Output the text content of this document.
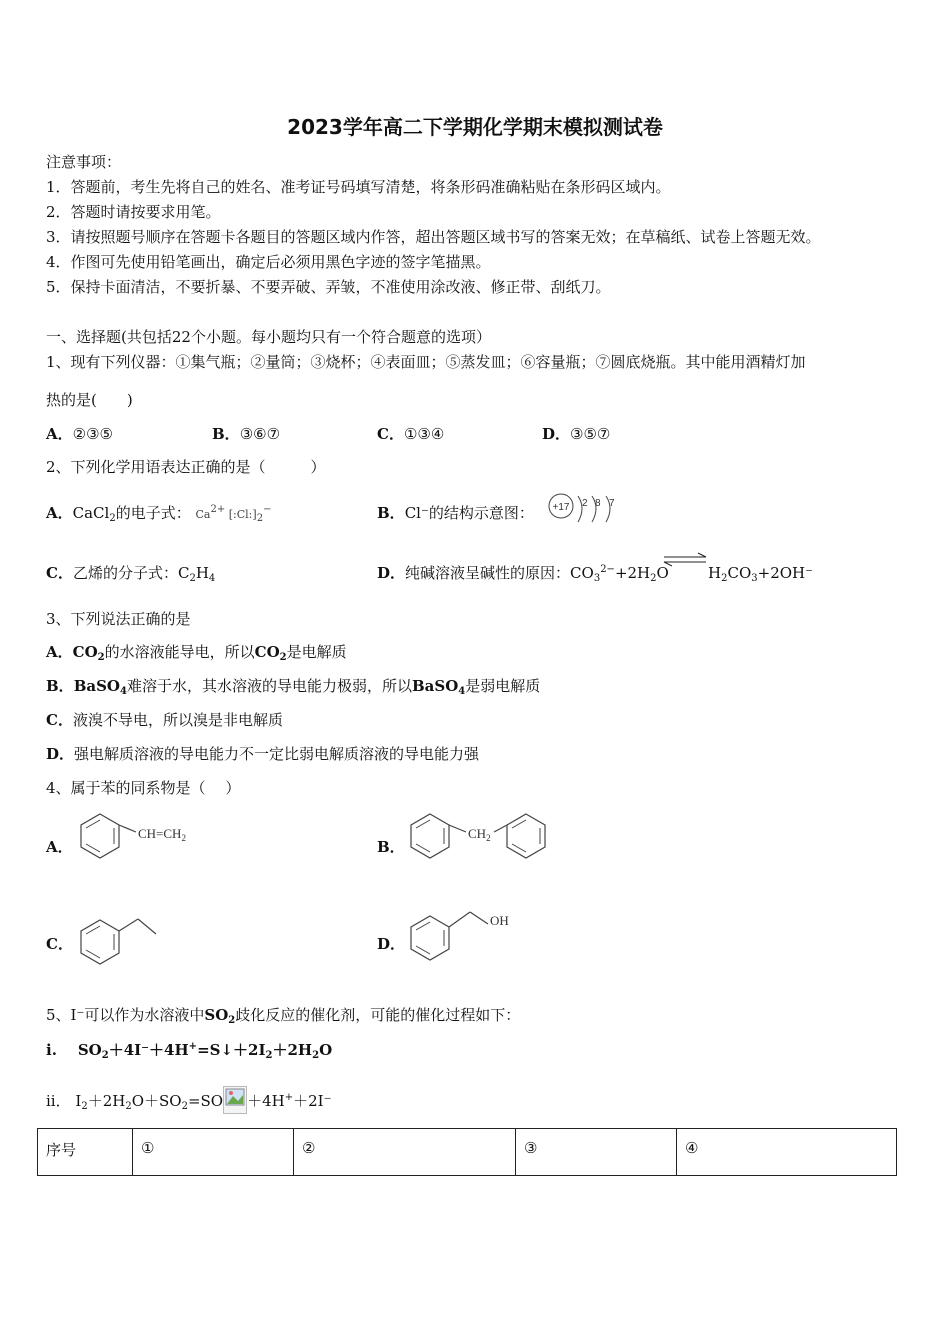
2023学年高二下学期化学期末模拟测试卷
注意事项：
1．答题前，考生先将自己的姓名、准考证号码填写清楚，将条形码准确粘贴在条形码区域内。
2．答题时请按要求用笔。
3．请按照题号顺序在答题卡各题目的答题区域内作答，超出答题区域书写的答案无效；在草稿纸、试卷上答题无效。
4．作图可先使用铅笔画出，确定后必须用黑色字迹的签字笔描黑。
5．保持卡面清洁，不要折暴、不要弄破、弄皱，不准使用涂改液、修正带、刮纸刀。
一、选择题(共包括22个小题。每小题均只有一个符合题意的选项）
1、现有下列仪器：①集气瓶；②量筒；③烧杯；④表面皿；⑤蒸发皿；⑥容量瓶；⑦圆底烧瓶。其中能用酒精灯加
热的是(　　)
A．②③⑤	B．③⑥⑦	C．①③④	D．③⑤⑦
2、下列化学用语表达正确的是（　　　）
A．CaCl$_2$的电子式： $Ca^{2+}$ $[:Cl:]_2^-$	B．Cl⁻的结构示意图： +17 2 8 7
C．乙烯的分子式：$C_2H_4$	D．纯碱溶液呈碱性的原因：$CO_3^{2-}+2H_2O$	$H_2CO_3+2OH^-$
3、下列说法正确的是
A．$CO_2$的水溶液能导电，所以$CO_2$是电解质
B．BaSO$_4$难溶于水，其水溶液的导电能力极弱，所以BaSO$_4$是弱电解质
C．液溴不导电，所以溴是非电解质
D．强电解质溶液的导电能力不一定比弱电解质溶液的导电能力强
4、属于苯的同系物是（　 ）
A．
$CH=CH_2$	B．
$CH_2$
C．	D．
OH
5、I⁻可以作为水溶液中$SO_2$歧化反应的催化剂，可能的催化过程如下：
i. $SO_2+4I^-+4H^+=S↓+2I_2+2H_2O$
ii． $I_2+2H_2O+SO_2=SO +4H^++2I^-$
序号	①	②	③	④
